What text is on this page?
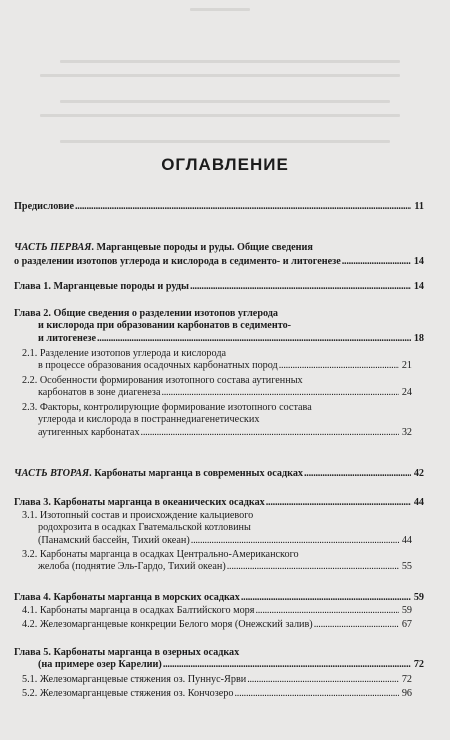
ОГЛАВЛЕНИЕ
Предисловие . . .	11
ЧАСТЬ ПЕРВАЯ . Марганцевые породы и руды. Общие сведения
о разделении изотопов углерода и кислорода в седименто- и литогенезе . . .	14
Глава 1. Марганцевые породы и руды . . .	14
Глава 2. Общие сведения о разделении изотопов углерода
и кислорода при образовании карбонатов в седименто-
и литогенезе . . .	18
2.1. Разделение изотопов углерода и кислорода
в процессе образования осадочных карбонатных пород . . .	21
2.2. Особенности формирования изотопного состава аутигенных
карбонатов в зоне диагенеза . . .	24
2.3. Факторы, контролирующие формирование изотопного состава
углерода и кислорода в постраннедиагенетических
аутигенных карбонатах . . .	32
ЧАСТЬ ВТОРАЯ . Карбонаты марганца в современных осадках . . .	42
Глава 3. Карбонаты марганца в океанических осадках . . .	44
3.1. Изотопный состав и происхождение кальциевого
родохрозита в осадках Гватемальской котловины
(Панамский бассейн, Тихий океан) . . .	44
3.2. Карбонаты марганца в осадках Центрально-Американского
желоба (поднятие Эль-Гардо, Тихий океан) . . .	55
Глава 4. Карбонаты марганца в морских осадках . . .	59
4.1. Карбонаты марганца в осадках Балтийского моря . . .	59
4.2. Железомарганцевые конкреции Белого моря (Онежский залив) . . .	67
Глава 5. Карбонаты марганца в озерных осадках
(на примере озер Карелии) . . .	72
5.1. Железомарганцевые стяжения оз. Пуннус-Ярви . . .	72
5.2. Железомарганцевые стяжения оз. Кончозеро . . .	96
